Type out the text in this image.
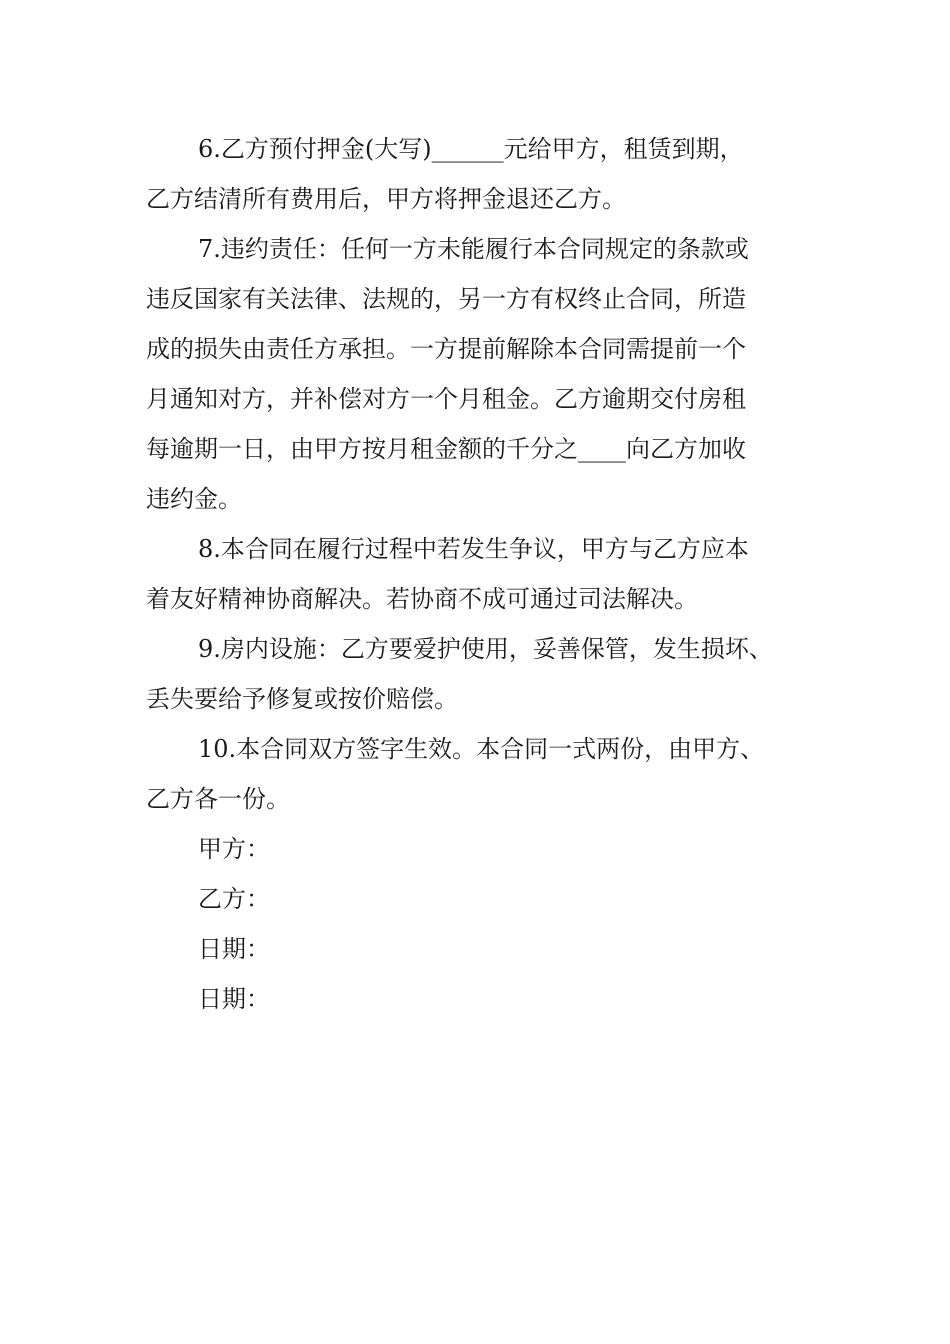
6.乙方预付押金(大写)______元给甲方，租赁到期，
乙方结清所有费用后，甲方将押金退还乙方。
7.违约责任：任何一方未能履行本合同规定的条款或
违反国家有关法律、法规的，另一方有权终止合同，所造
成的损失由责任方承担。一方提前解除本合同需提前一个
月通知对方，并补偿对方一个月租金。乙方逾期交付房租
每逾期一日，由甲方按月租金额的千分之____向乙方加收
违约金。
8.本合同在履行过程中若发生争议，甲方与乙方应本
着友好精神协商解决。若协商不成可通过司法解决。
9.房内设施：乙方要爱护使用，妥善保管，发生损坏、
丢失要给予修复或按价赔偿。
10.本合同双方签字生效。本合同一式两份，由甲方、
乙方各一份。
甲方：
乙方：
日期：
日期：
